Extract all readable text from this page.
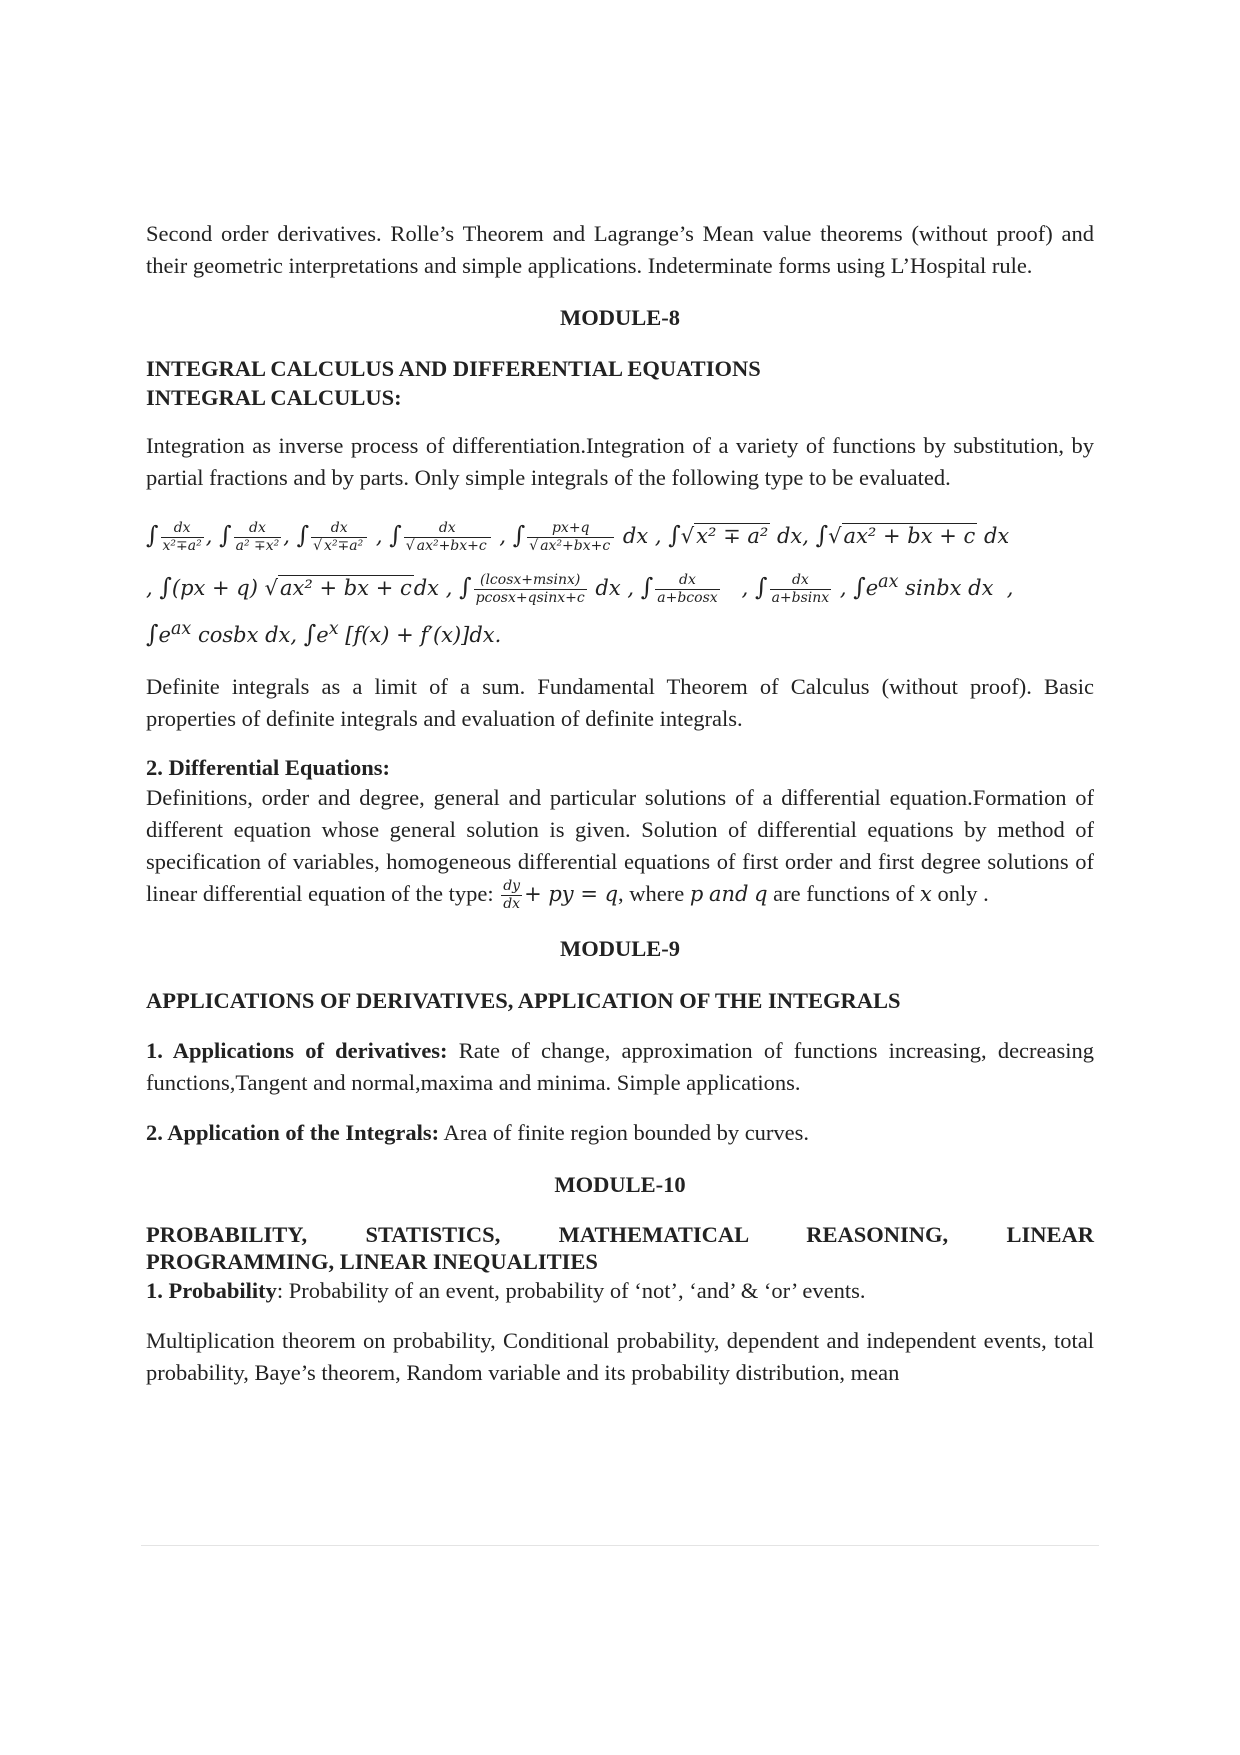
Second order derivatives. Rolle’s Theorem and Lagrange’s Mean value theorems (without proof) and their geometric interpretations and simple applications. Indeterminate forms using L’Hospital rule.

MODULE-8

INTEGRAL CALCULUS AND DIFFERENTIAL EQUATIONS

INTEGRAL CALCULUS:

Integration as inverse process of differentiation.Integration of a variety of functions by substitution, by partial fractions and by parts. Only simple integrals of the following type to be evaluated.

∫ $\frac{dx}{\text{x²∓a²}}$ , ∫ $\frac{dx}{\text{a² ∓x²}}$ , ∫ $\frac{dx}{\text{√ x²∓a²}}$ , ∫ $\frac{dx}{\text{√ ax²+bx+c}}$ , ∫ $\frac{px+q}{\text{√ ax²+bx+c}}$ dx , ∫√x² ∓ a² dx, ∫√ax² + bx + c dx
, ∫(px + q) √ax² + bx + cdx , ∫ $\frac{(lcosx+msinx)}{pcosx+qsinx+c}$ dx , ∫ $\frac{dx}{a+bcosx}$ , ∫ $\frac{dx}{a+bsinx}$ , $\int e^{ax}$ sinbx dx  ,
$\int e^{ax}$ cosbx dx, $\int e^x$ [f(x) + f′(x)]dx.

Definite integrals as a limit of a sum. Fundamental Theorem of Calculus (without proof). Basic properties of definite integrals and evaluation of definite integrals.

2. Differential Equations:

Definitions, order and degree, general and particular solutions of a differential equation.Formation of different equation whose general solution is given. Solution of differential equations by method of specification of variables, homogeneous differential equations of first order and first degree solutions of linear differential equation of the type: $\frac{dy}{dx}$ + py = q, where p and q are functions of x only .

MODULE-9

APPLICATIONS OF DERIVATIVES, APPLICATION OF THE INTEGRALS

1. Applications of derivatives: Rate of change, approximation of functions increasing, decreasing functions,Tangent and normal,maxima and minima. Simple applications.

2. Application of the Integrals: Area of finite region bounded by curves.

MODULE-10

PROBABILITY, STATISTICS, MATHEMATICAL REASONING, LINEAR

PROGRAMMING, LINEAR INEQUALITIES

1. Probability: Probability of an event, probability of ‘not’, ‘and’ & ‘or’ events.

Multiplication theorem on probability, Conditional probability, dependent and independent events, total probability, Baye’s theorem, Random variable and its probability distribution, mean
